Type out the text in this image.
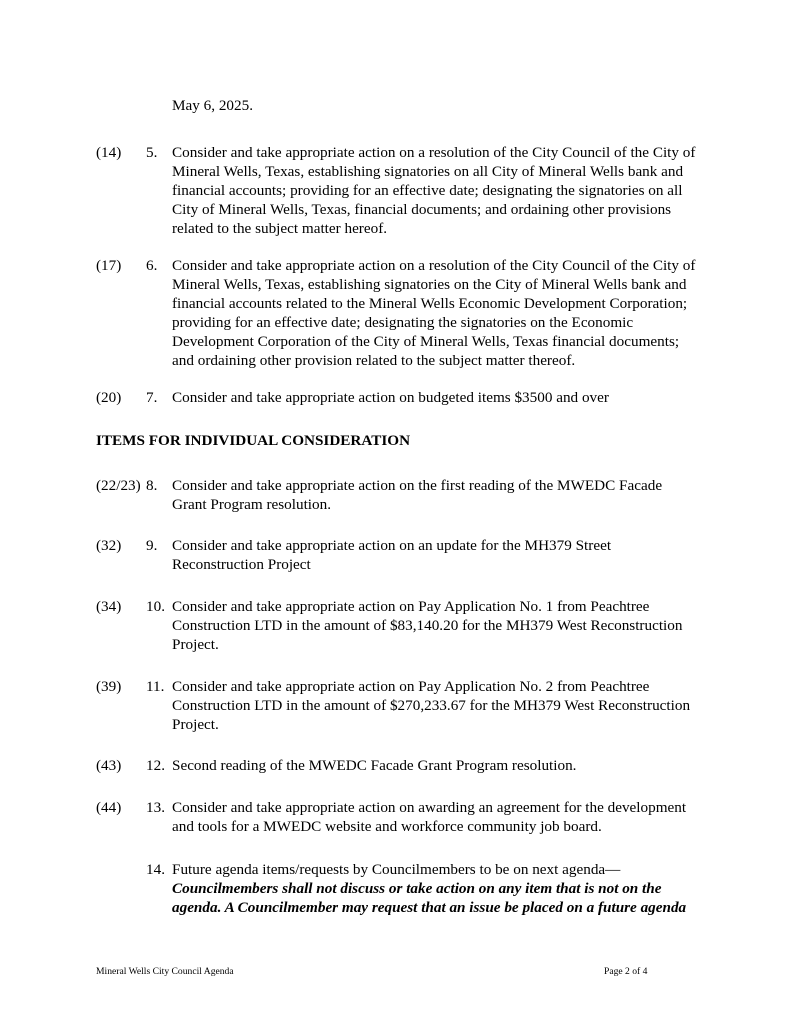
May 6, 2025.
(14) 5. Consider and take appropriate action on a resolution of the City Council of the City of Mineral Wells, Texas, establishing signatories on all City of Mineral Wells bank and financial accounts; providing for an effective date; designating the signatories on all City of Mineral Wells, Texas, financial documents; and ordaining other provisions related to the subject matter hereof.
(17) 6. Consider and take appropriate action on a resolution of the City Council of the City of Mineral Wells, Texas, establishing signatories on the City of Mineral Wells bank and financial accounts related to the Mineral Wells Economic Development Corporation; providing for an effective date; designating the signatories on the Economic Development Corporation of the City of Mineral Wells, Texas financial documents; and ordaining other provision related to the subject matter thereof.
(20) 7. Consider and take appropriate action on budgeted items $3500 and over
ITEMS FOR INDIVIDUAL CONSIDERATION
(22/23) 8. Consider and take appropriate action on the first reading of the MWEDC Facade Grant Program resolution.
(32) 9. Consider and take appropriate action on an update for the MH379 Street Reconstruction Project
(34) 10. Consider and take appropriate action on Pay Application No. 1 from Peachtree Construction LTD in the amount of $83,140.20 for the MH379 West Reconstruction Project.
(39) 11. Consider and take appropriate action on Pay Application No. 2 from Peachtree Construction LTD in the amount of $270,233.67 for the MH379 West Reconstruction Project.
(43) 12. Second reading of the MWEDC Facade Grant Program resolution.
(44) 13. Consider and take appropriate action on awarding an agreement for the development and tools for a MWEDC website and workforce community job board.
14. Future agenda items/requests by Councilmembers to be on next agenda— Councilmembers shall not discuss or take action on any item that is not on the agenda. A Councilmember may request that an issue be placed on a future agenda
Mineral Wells City Council Agenda	Page 2 of 4
